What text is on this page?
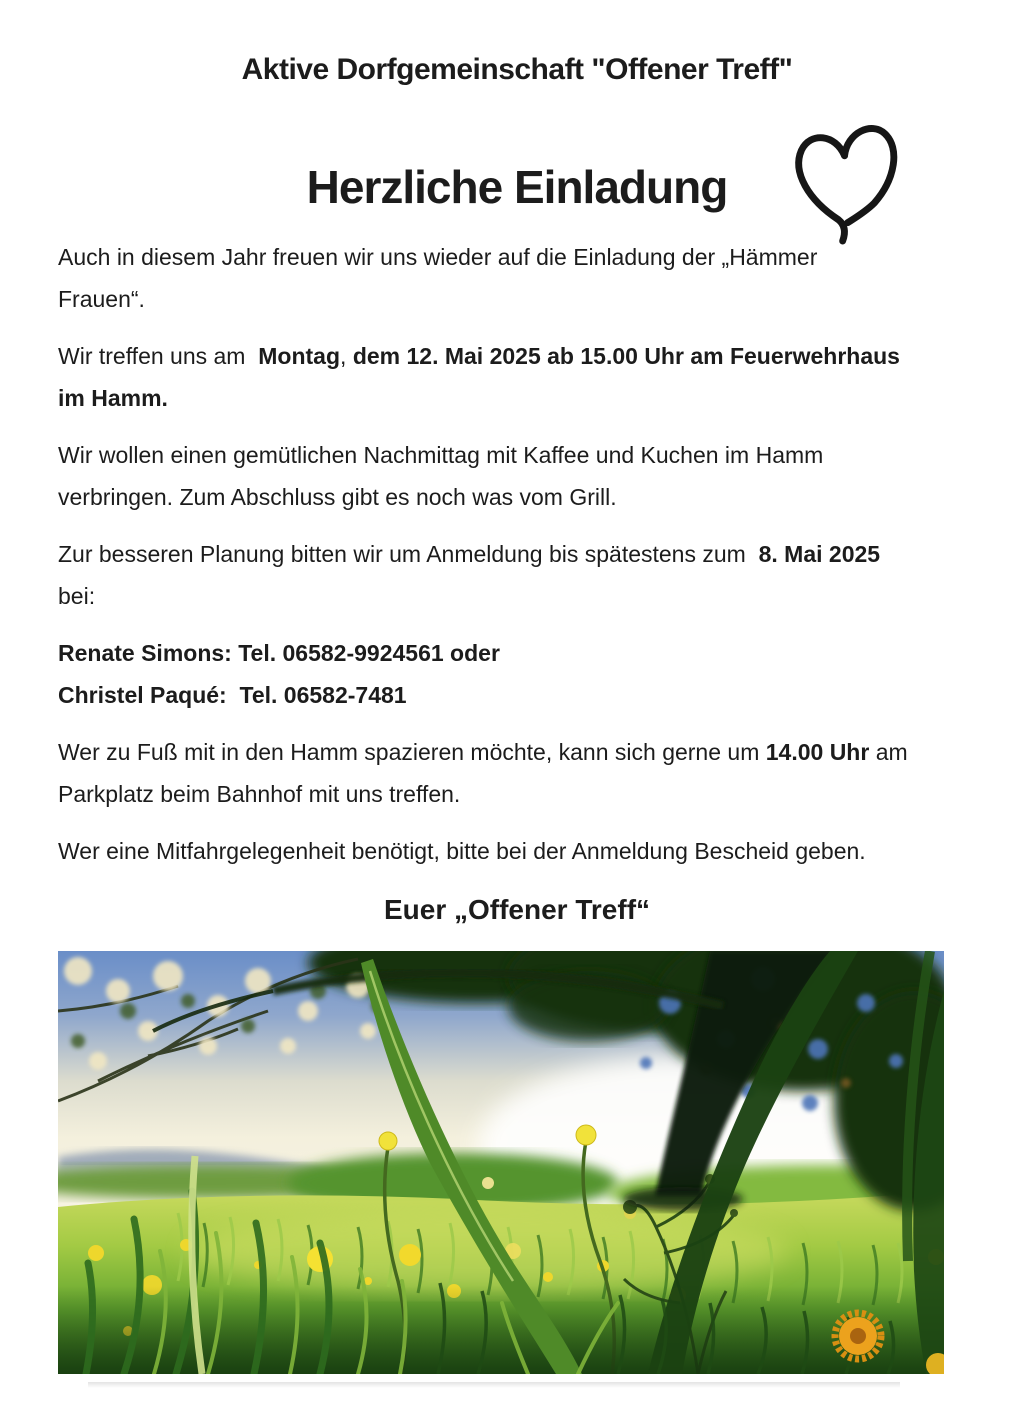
Aktive Dorfgemeinschaft "Offener Treff"
Herzliche Einladung

Auch in diesem Jahr freuen wir uns wieder auf die Einladung der „Hämmer
Frauen“.

Wir treffen uns am  Montag, dem 12. Mai 2025 ab 15.00 Uhr am Feuerwehrhaus
im Hamm.

Wir wollen einen gemütlichen Nachmittag mit Kaffee und Kuchen im Hamm
verbringen. Zum Abschluss gibt es noch was vom Grill.

Zur besseren Planung bitten wir um Anmeldung bis spätestens zum  8. Mai 2025
bei:

Renate Simons: Tel. 06582-9924561 oder
Christel Paqué:  Tel. 06582-7481

Wer zu Fuß mit in den Hamm spazieren möchte, kann sich gerne um 14.00 Uhr am
Parkplatz beim Bahnhof mit uns treffen.

Wer eine Mitfahrgelegenheit benötigt, bitte bei der Anmeldung Bescheid geben.

Euer „Offener Treff“
